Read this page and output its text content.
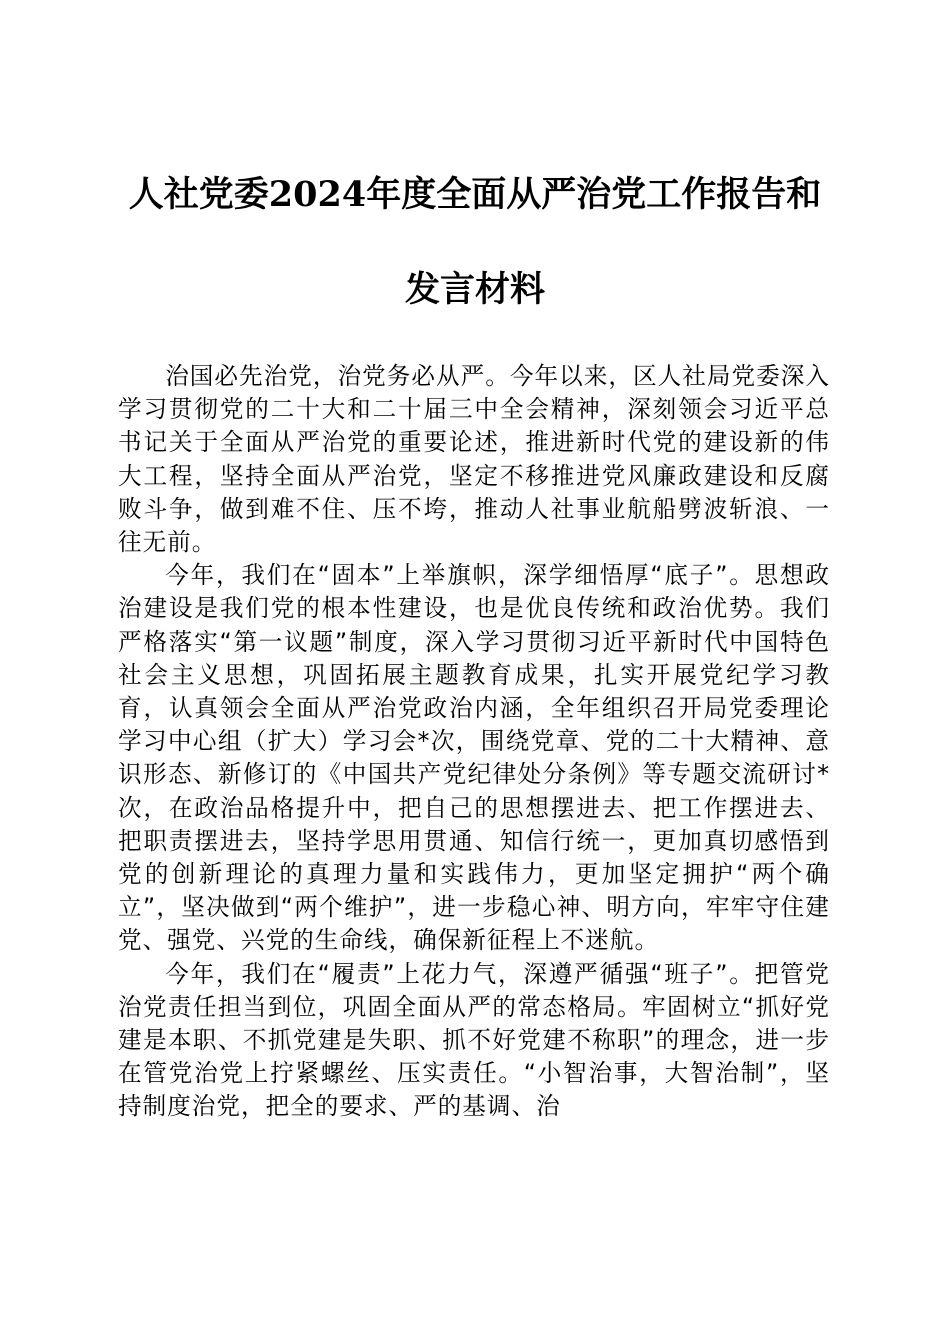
人社党委2024年度全面从严治党工作报告和
发言材料

治国必先治党，治党务必从严。今年以来，区人社局党委深入学习贯彻党的二十大和二十届三中全会精神，深刻领会习近平总书记关于全面从严治党的重要论述，推进新时代党的建设新的伟大工程，坚持全面从严治党，坚定不移推进党风廉政建设和反腐败斗争，做到难不住、压不垮，推动人社事业航船劈波斩浪、一往无前。

今年，我们在“固本”上举旗帜，深学细悟厚“底子”。思想政治建设是我们党的根本性建设，也是优良传统和政治优势。我们严格落实“第一议题”制度，深入学习贯彻习近平新时代中国特色社会主义思想，巩固拓展主题教育成果，扎实开展党纪学习教育，认真领会全面从严治党政治内涵，全年组织召开局党委理论学习中心组（扩大）学习会*次，围绕党章、党的二十大精神、意识形态、新修订的《中国共产党纪律处分条例》等专题交流研讨*次，在政治品格提升中，把自己的思想摆进去、把工作摆进去、把职责摆进去，坚持学思用贯通、知信行统一，更加真切感悟到党的创新理论的真理力量和实践伟力，更加坚定拥护“两个确立”，坚决做到“两个维护”，进一步稳心神、明方向，牢牢守住建党、强党、兴党的生命线，确保新征程上不迷航。

今年，我们在“履责”上花力气，深遵严循强“班子”。把管党治党责任担当到位，巩固全面从严的常态格局。牢固树立“抓好党建是本职、不抓党建是失职、抓不好党建不称职”的理念，进一步在管党治党上拧紧螺丝、压实责任。“小智治事，大智治制”，坚持制度治党，把全的要求、严的基调、治
